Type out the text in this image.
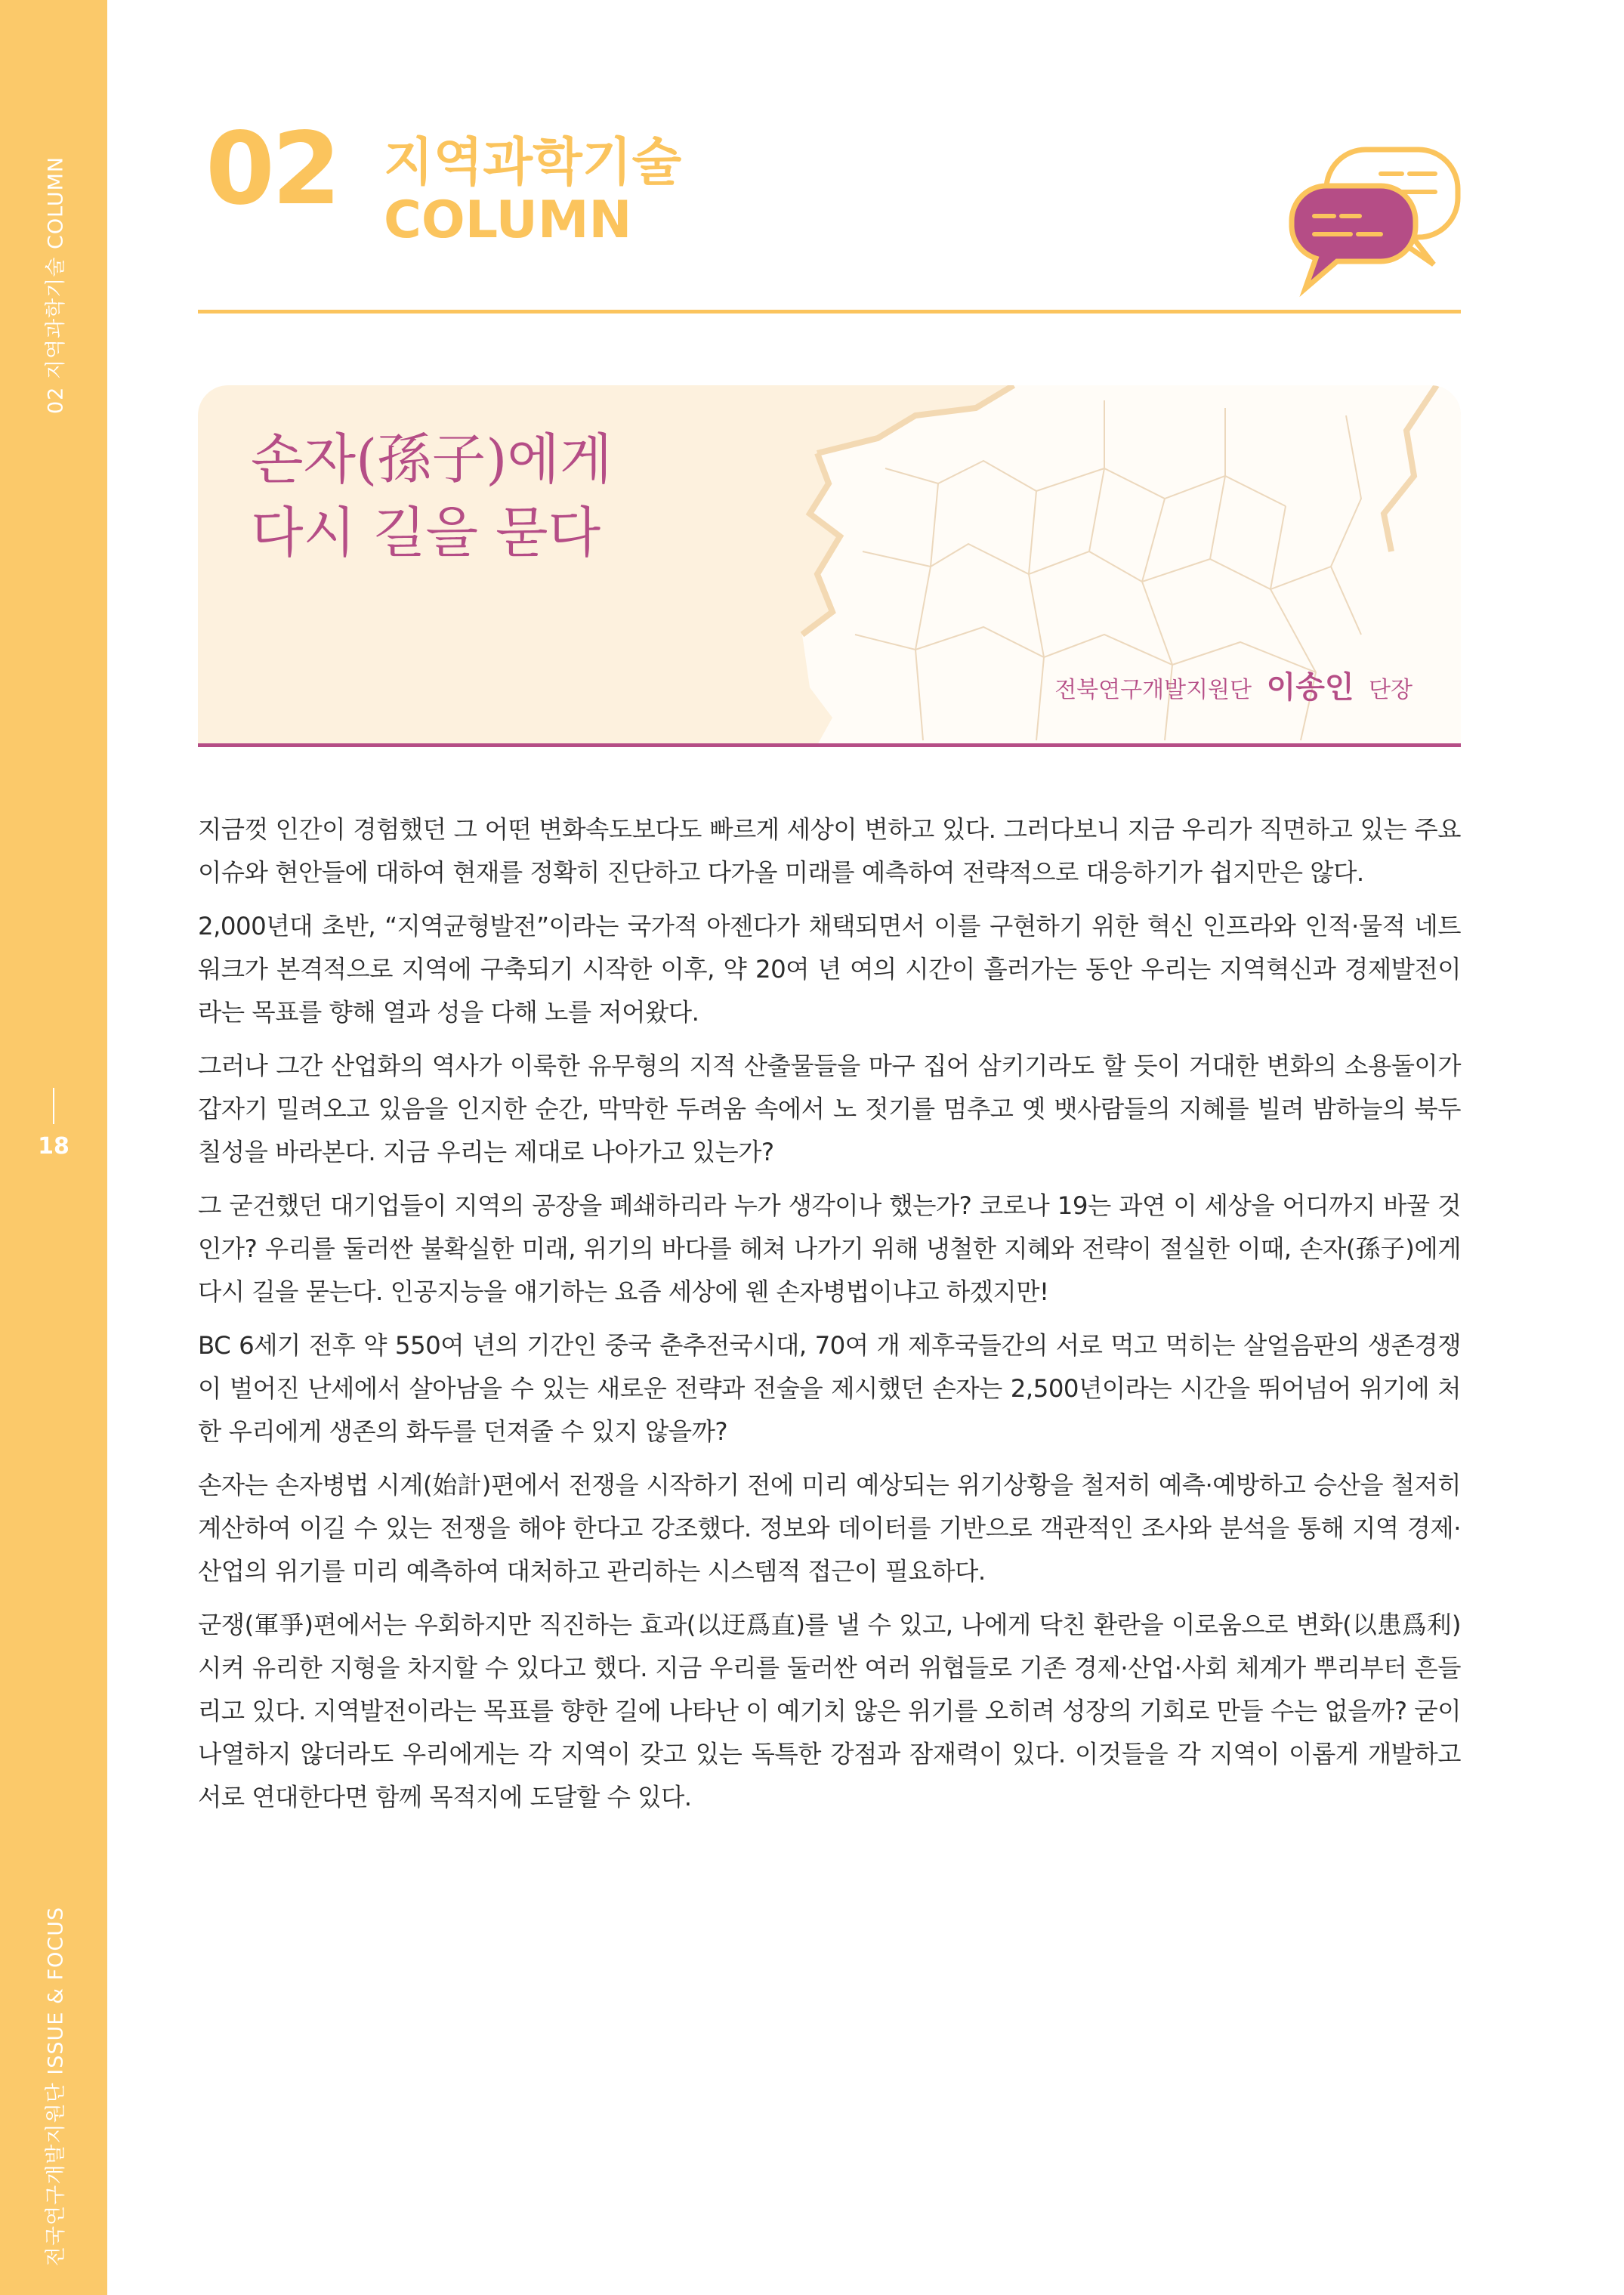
02 지역과학기술 COLUMN
18
전국연구개발지원단 ISSUE & FOCUS
02 지역과학기술
COLUMN
손자(孫子)에게
다시 길을 묻다
전북연구개발지원단 이송인 단장

지금껏 인간이 경험했던 그 어떤 변화속도보다도 빠르게 세상이 변하고 있다. 그러다보니 지금 우리가 직면하고 있는 주요 이슈와 현안들에 대하여 현재를 정확히 진단하고 다가올 미래를 예측하여 전략적으로 대응하기가 쉽지만은 않다.

2,000년대 초반, “지역균형발전”이라는 국가적 아젠다가 채택되면서 이를 구현하기 위한 혁신 인프라와 인적·물적 네트워크가 본격적으로 지역에 구축되기 시작한 이후, 약 20여 년 여의 시간이 흘러가는 동안 우리는 지역혁신과 경제발전이라는 목표를 향해 열과 성을 다해 노를 저어왔다.

그러나 그간 산업화의 역사가 이룩한 유무형의 지적 산출물들을 마구 집어 삼키기라도 할 듯이 거대한 변화의 소용돌이가 갑자기 밀려오고 있음을 인지한 순간, 막막한 두려움 속에서 노 젓기를 멈추고 옛 뱃사람들의 지혜를 빌려 밤하늘의 북두칠성을 바라본다. 지금 우리는 제대로 나아가고 있는가?

그 굳건했던 대기업들이 지역의 공장을 폐쇄하리라 누가 생각이나 했는가? 코로나 19는 과연 이 세상을 어디까지 바꿀 것인가? 우리를 둘러싼 불확실한 미래, 위기의 바다를 헤쳐 나가기 위해 냉철한 지혜와 전략이 절실한 이때, 손자(孫子)에게 다시 길을 묻는다. 인공지능을 얘기하는 요즘 세상에 웬 손자병법이냐고 하겠지만!

BC 6세기 전후 약 550여 년의 기간인 중국 춘추전국시대, 70여 개 제후국들간의 서로 먹고 먹히는 살얼음판의 생존경쟁이 벌어진 난세에서 살아남을 수 있는 새로운 전략과 전술을 제시했던 손자는 2,500년이라는 시간을 뛰어넘어 위기에 처한 우리에게 생존의 화두를 던져줄 수 있지 않을까?

손자는 손자병법 시계(始計)편에서 전쟁을 시작하기 전에 미리 예상되는 위기상황을 철저히 예측·예방하고 승산을 철저히 계산하여 이길 수 있는 전쟁을 해야 한다고 강조했다. 정보와 데이터를 기반으로 객관적인 조사와 분석을 통해 지역 경제·산업의 위기를 미리 예측하여 대처하고 관리하는 시스템적 접근이 필요하다.

군쟁(軍爭)편에서는 우회하지만 직진하는 효과(以迂爲直)를 낼 수 있고, 나에게 닥친 환란을 이로움으로 변화(以患爲利) 시켜 유리한 지형을 차지할 수 있다고 했다. 지금 우리를 둘러싼 여러 위협들로 기존 경제·산업·사회 체계가 뿌리부터 흔들리고 있다. 지역발전이라는 목표를 향한 길에 나타난 이 예기치 않은 위기를 오히려 성장의 기회로 만들 수는 없을까? 굳이 나열하지 않더라도 우리에게는 각 지역이 갖고 있는 독특한 강점과 잠재력이 있다. 이것들을 각 지역이 이롭게 개발하고 서로 연대한다면 함께 목적지에 도달할 수 있다.
